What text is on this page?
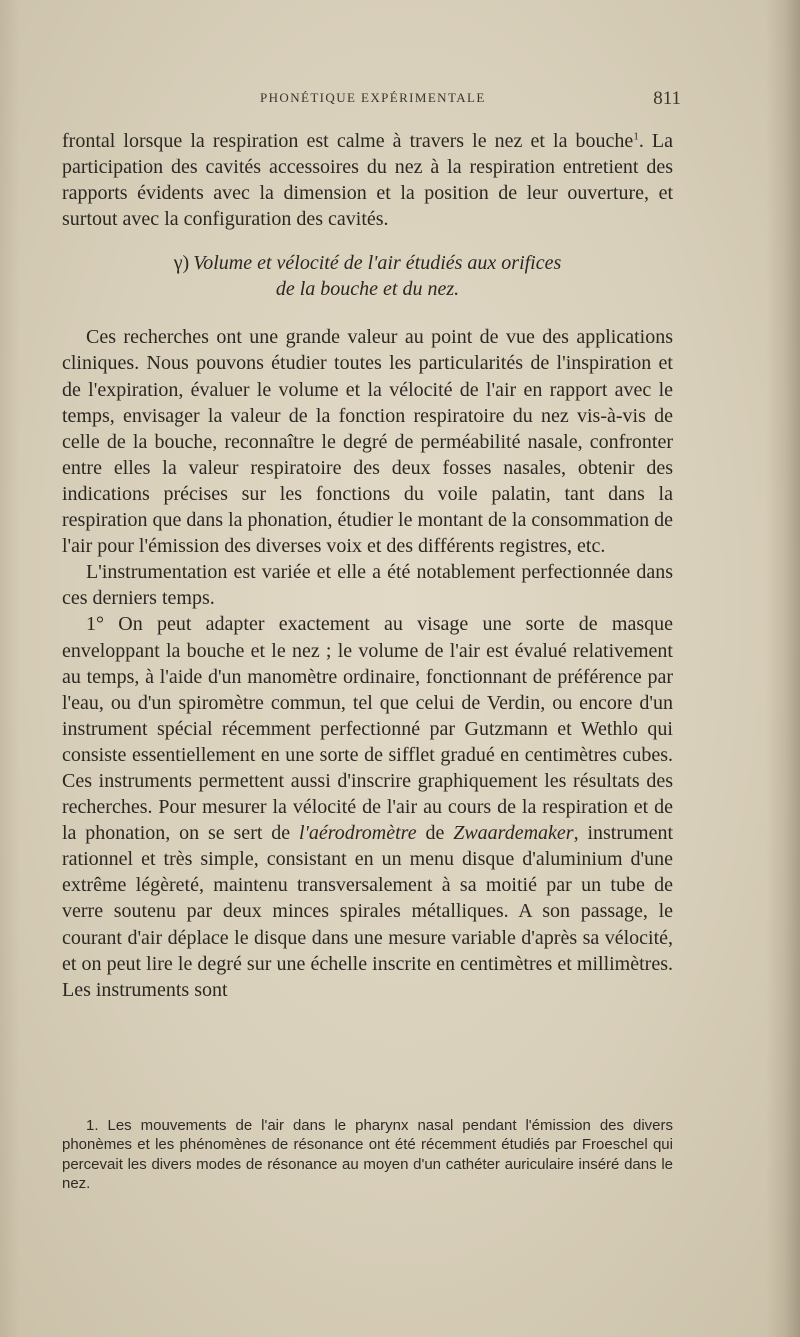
PHONÉTIQUE EXPÉRIMENTALE	811

frontal lorsque la respiration est calme à travers le nez et la bouche$^1$. La participation des cavités accessoires du nez à la respiration entretient des rapports évidents avec la dimension et la position de leur ouverture, et surtout avec la configuration des cavités.

γ) Volume et vélocité de l'air étudiés aux orifices
de la bouche et du nez.

Ces recherches ont une grande valeur au point de vue des applications cliniques. Nous pouvons étudier toutes les particularités de l'inspiration et de l'expiration, évaluer le volume et la vélocité de l'air en rapport avec le temps, envisager la valeur de la fonction respiratoire du nez vis-à-vis de celle de la bouche, reconnaître le degré de perméabilité nasale, confronter entre elles la valeur respiratoire des deux fosses nasales, obtenir des indications précises sur les fonctions du voile palatin, tant dans la respiration que dans la phonation, étudier le montant de la consommation de l'air pour l'émission des diverses voix et des différents registres, etc.

L'instrumentation est variée et elle a été notablement perfectionnée dans ces derniers temps.

1° On peut adapter exactement au visage une sorte de masque enveloppant la bouche et le nez ; le volume de l'air est évalué relativement au temps, à l'aide d'un manomètre ordinaire, fonctionnant de préférence par l'eau, ou d'un spiromètre commun, tel que celui de Verdin, ou encore d'un instrument spécial récemment perfectionné par Gutzmann et Wethlo qui consiste essentiellement en une sorte de sifflet gradué en centimètres cubes. Ces instruments permettent aussi d'inscrire graphiquement les résultats des recherches. Pour mesurer la vélocité de l'air au cours de la respiration et de la phonation, on se sert de l'aérodromètre de Zwaardemaker, instrument rationnel et très simple, consistant en un menu disque d'aluminium d'une extrême légèreté, maintenu transversalement à sa moitié par un tube de verre soutenu par deux minces spirales métalliques. A son passage, le courant d'air déplace le disque dans une mesure variable d'après sa vélocité, et on peut lire le degré sur une échelle inscrite en centimètres et millimètres. Les instruments sont

1. Les mouvements de l'air dans le pharynx nasal pendant l'émission des divers phonèmes et les phénomènes de résonance ont été récemment étudiés par Froeschel qui percevait les divers modes de résonance au moyen d'un cathéter auriculaire inséré dans le nez.
